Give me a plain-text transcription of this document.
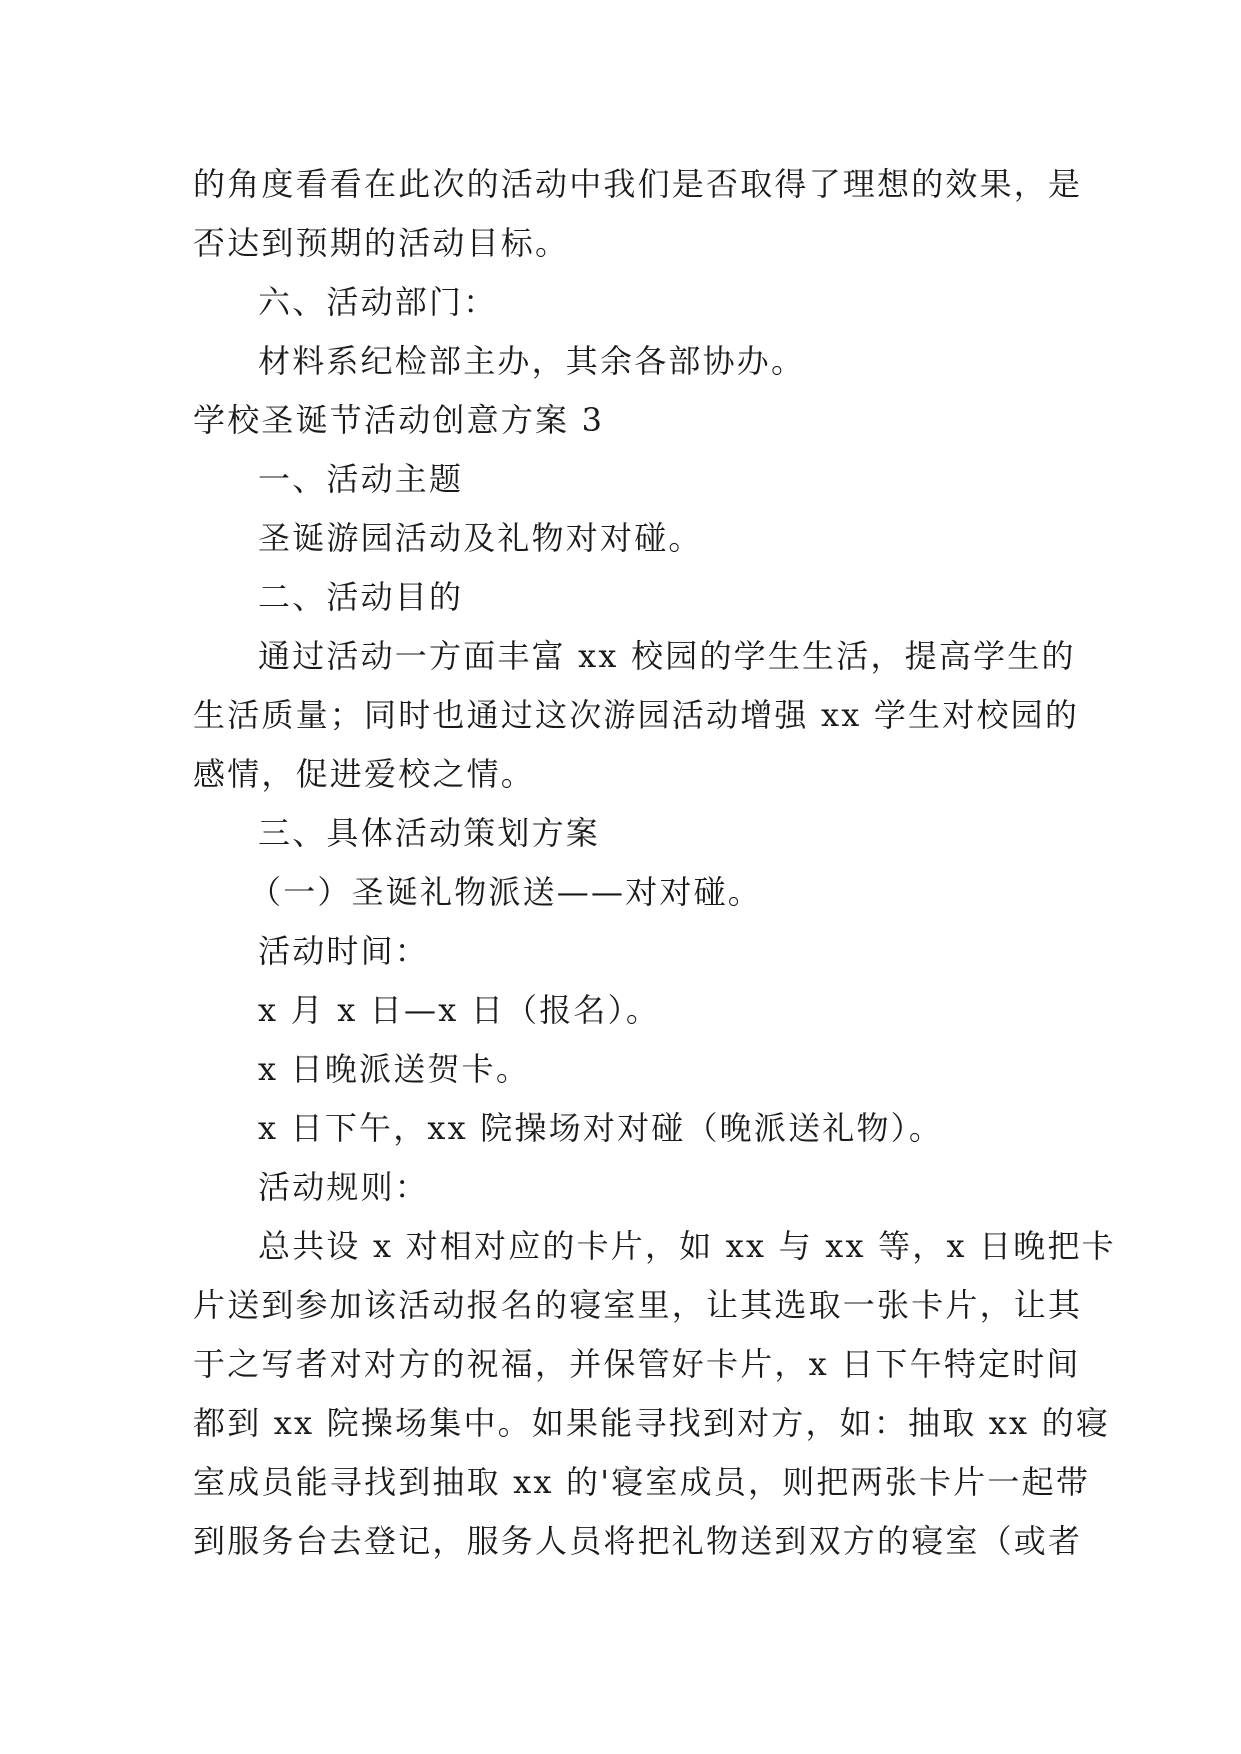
的角度看看在此次的活动中我们是否取得了理想的效果，是
否达到预期的活动目标。
六、活动部门：
材料系纪检部主办，其余各部协办。
学校圣诞节活动创意方案 3
一、活动主题
圣诞游园活动及礼物对对碰。
二、活动目的
通过活动一方面丰富 xx 校园的学生生活，提高学生的
生活质量；同时也通过这次游园活动增强 xx 学生对校园的
感情，促进爱校之情。
三、具体活动策划方案
（一）圣诞礼物派送——对对碰。
活动时间：
x 月 x 日—x 日（报名）。
x 日晚派送贺卡。
x 日下午，xx 院操场对对碰（晚派送礼物）。
活动规则：
总共设 x 对相对应的卡片，如 xx 与 xx 等，x 日晚把卡
片送到参加该活动报名的寝室里，让其选取一张卡片，让其
于之写者对对方的祝福，并保管好卡片，x 日下午特定时间
都到 xx 院操场集中。如果能寻找到对方，如：抽取 xx 的寝
室成员能寻找到抽取 xx 的'寝室成员，则把两张卡片一起带
到服务台去登记，服务人员将把礼物送到双方的寝室（或者
